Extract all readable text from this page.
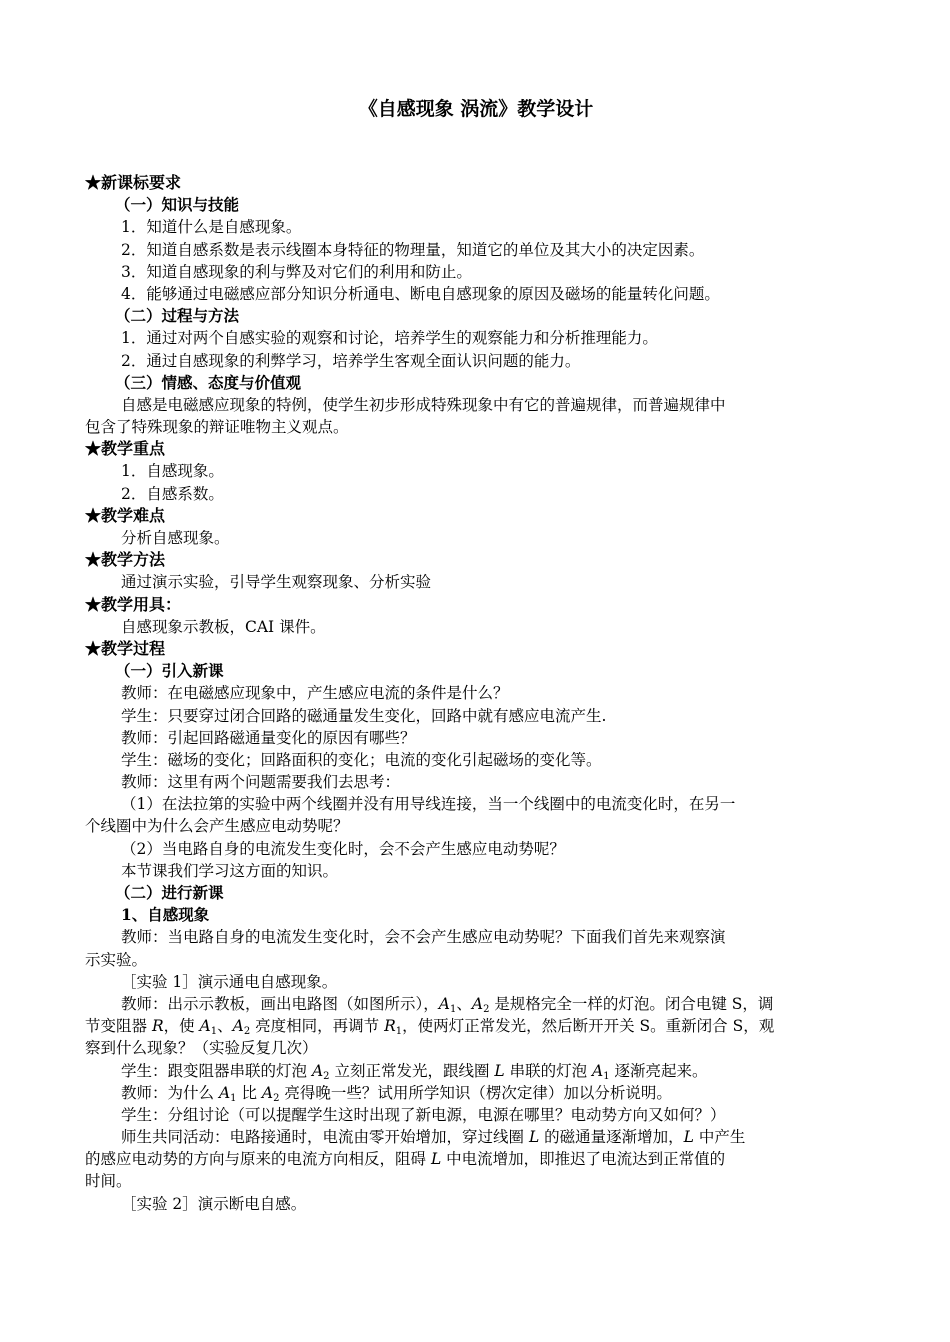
《自感现象 涡流》教学设计
★新课标要求
（一）知识与技能
1．知道什么是自感现象。
2．知道自感系数是表示线圈本身特征的物理量，知道它的单位及其大小的决定因素。
3．知道自感现象的利与弊及对它们的利用和防止。
4．能够通过电磁感应部分知识分析通电、断电自感现象的原因及磁场的能量转化问题。
（二）过程与方法
1．通过对两个自感实验的观察和讨论，培养学生的观察能力和分析推理能力。
2．通过自感现象的利弊学习，培养学生客观全面认识问题的能力。
（三）情感、态度与价值观
自感是电磁感应现象的特例，使学生初步形成特殊现象中有它的普遍规律，而普遍规律中
包含了特殊现象的辩证唯物主义观点。
★教学重点
1．自感现象。
2．自感系数。
★教学难点
分析自感现象。
★教学方法
通过演示实验，引导学生观察现象、分析实验
★教学用具：
自感现象示教板，CAI 课件。
★教学过程
（一）引入新课
教师：在电磁感应现象中，产生感应电流的条件是什么？
学生：只要穿过闭合回路的磁通量发生变化，回路中就有感应电流产生.
教师：引起回路磁通量变化的原因有哪些？
学生：磁场的变化；回路面积的变化；电流的变化引起磁场的变化等。
教师：这里有两个问题需要我们去思考：
（1）在法拉第的实验中两个线圈并没有用导线连接，当一个线圈中的电流变化时，在另一
个线圈中为什么会产生感应电动势呢？
（2）当电路自身的电流发生变化时，会不会产生感应电动势呢？
本节课我们学习这方面的知识。
（二）进行新课
1、自感现象
教师：当电路自身的电流发生变化时，会不会产生感应电动势呢？下面我们首先来观察演
示实验。
［实验 1］演示通电自感现象。
教师：出示示教板，画出电路图（如图所示），$A_1$、$A_2$ 是规格完全一样的灯泡。闭合电键 S，调
节变阻器 R，使 $A_1$、$A_2$ 亮度相同，再调节 $R_1$，使两灯正常发光，然后断开开关 S。重新闭合 S，观
察到什么现象？（实验反复几次）
学生：跟变阻器串联的灯泡 $A_2$ 立刻正常发光，跟线圈 L 串联的灯泡 $A_1$ 逐渐亮起来。
教师：为什么 $A_1$ 比 $A_2$ 亮得晚一些？试用所学知识（楞次定律）加以分析说明。
学生：分组讨论（可以提醒学生这时出现了新电源，电源在哪里？电动势方向又如何？）
师生共同活动：电路接通时，电流由零开始增加，穿过线圈 L 的磁通量逐渐增加，L 中产生
的感应电动势的方向与原来的电流方向相反，阻碍 L 中电流增加，即推迟了电流达到正常值的
时间。
［实验 2］演示断电自感。
